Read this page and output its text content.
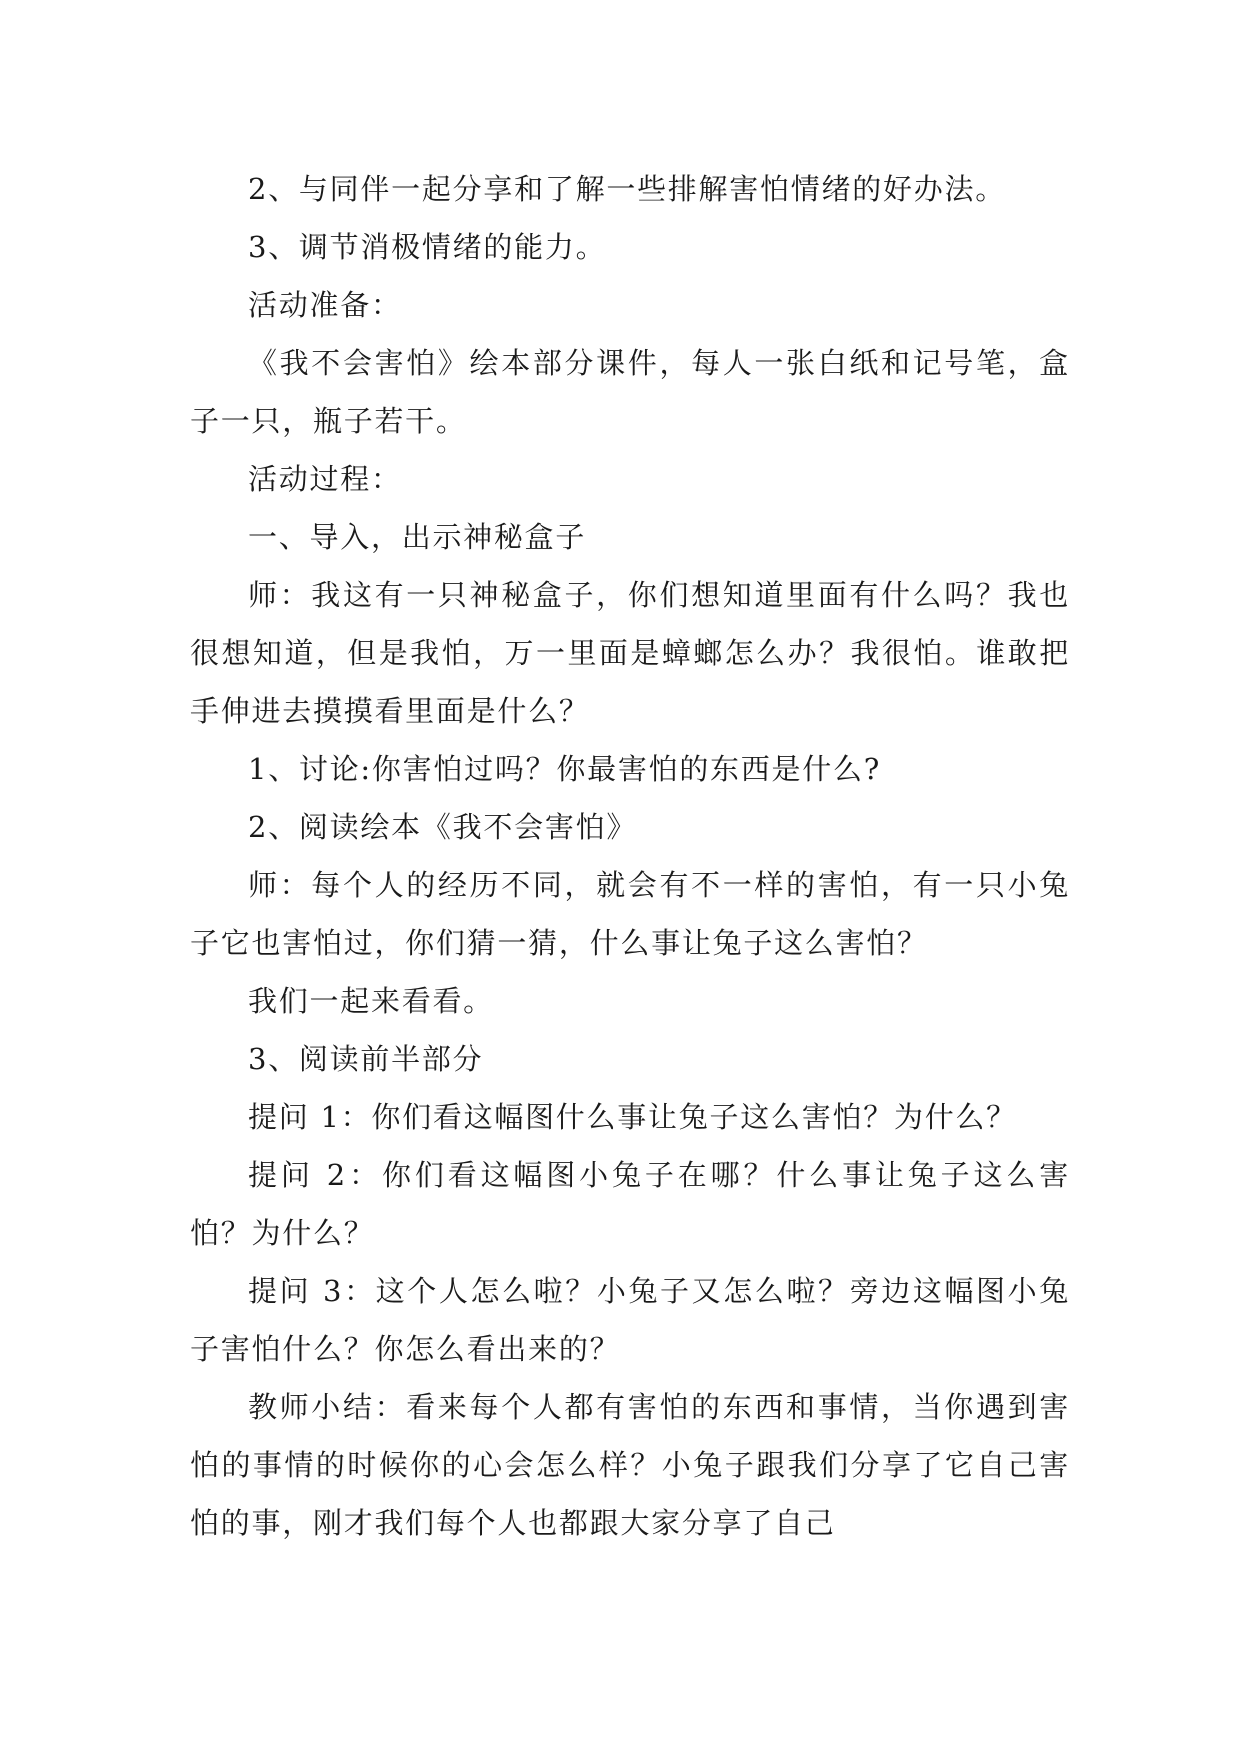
2、与同伴一起分享和了解一些排解害怕情绪的好办法。

3、调节消极情绪的能力。

活动准备：

《我不会害怕》绘本部分课件，每人一张白纸和记号笔，盒子一只，瓶子若干。

活动过程：

一、导入，出示神秘盒子

师：我这有一只神秘盒子，你们想知道里面有什么吗？我也很想知道，但是我怕，万一里面是蟑螂怎么办？我很怕。谁敢把手伸进去摸摸看里面是什么？

1、讨论:你害怕过吗？你最害怕的东西是什么?

2、阅读绘本《我不会害怕》

师：每个人的经历不同，就会有不一样的害怕，有一只小兔子它也害怕过，你们猜一猜，什么事让兔子这么害怕？

我们一起来看看。

3、阅读前半部分

提问 1：你们看这幅图什么事让兔子这么害怕？为什么？

提问 2：你们看这幅图小兔子在哪？什么事让兔子这么害怕？为什么？

提问 3：这个人怎么啦？小兔子又怎么啦？旁边这幅图小兔子害怕什么？你怎么看出来的？

教师小结：看来每个人都有害怕的东西和事情，当你遇到害怕的事情的时候你的心会怎么样？小兔子跟我们分享了它自己害怕的事，刚才我们每个人也都跟大家分享了自己
